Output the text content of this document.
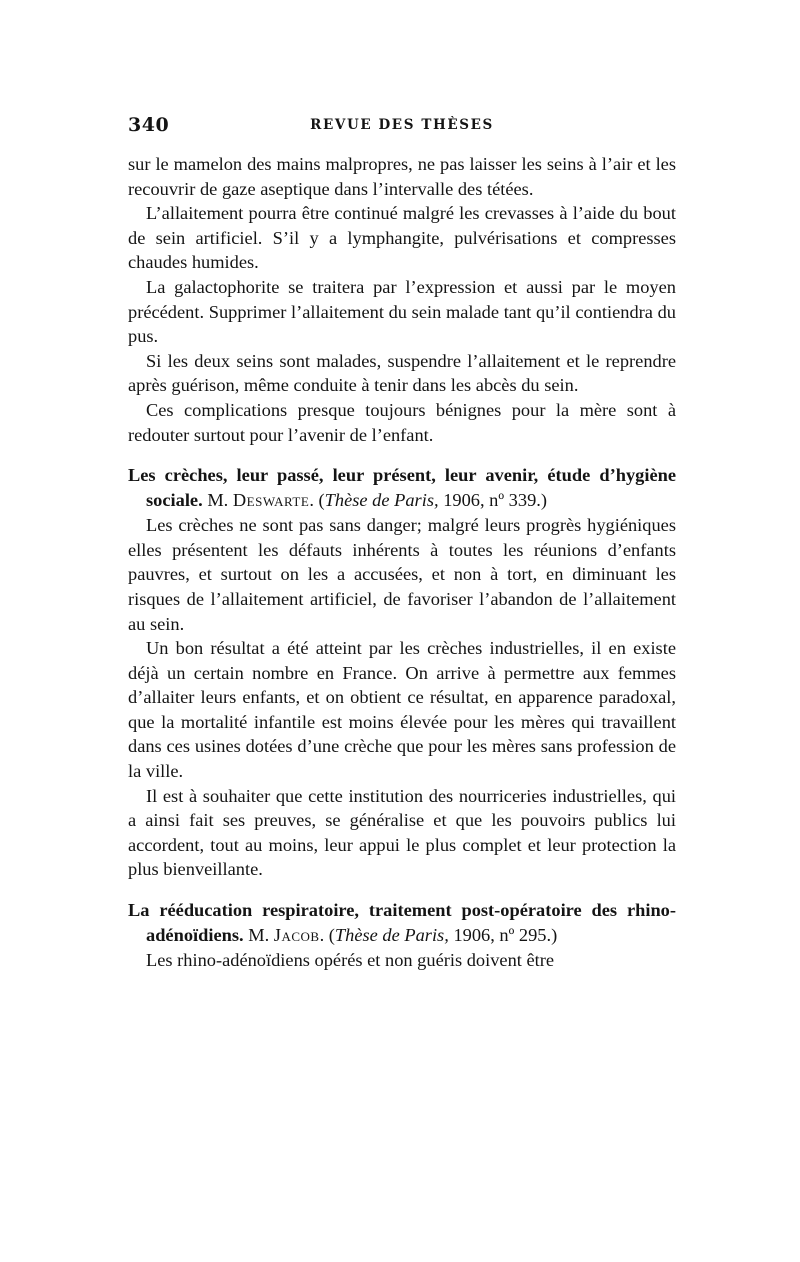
340	REVUE DES THÈSES

sur le mamelon des mains malpropres, ne pas laisser les seins à l’air et les recouvrir de gaze aseptique dans l’intervalle des tétées.

L’allaitement pourra être continué malgré les crevasses à l’aide du bout de sein artificiel. S’il y a lymphangite, pulvérisations et compresses chaudes humides.

La galactophorite se traitera par l’expression et aussi par le moyen précédent. Supprimer l’allaitement du sein malade tant qu’il contiendra du pus.

Si les deux seins sont malades, suspendre l’allaitement et le reprendre après guérison, même conduite à tenir dans les abcès du sein.

Ces complications presque toujours bénignes pour la mère sont à redouter surtout pour l’avenir de l’enfant.

Les crèches, leur passé, leur présent, leur avenir, étude d’hygiène sociale. M. Deswarte. (Thèse de Paris, 1906, nº 339.)

Les crèches ne sont pas sans danger; malgré leurs progrès hygiéniques elles présentent les défauts inhérents à toutes les réunions d’enfants pauvres, et surtout on les a accusées, et non à tort, en diminuant les risques de l’allaitement artificiel, de favoriser l’abandon de l’allaitement au sein.

Un bon résultat a été atteint par les crèches industrielles, il en existe déjà un certain nombre en France. On arrive à permettre aux femmes d’allaiter leurs enfants, et on obtient ce résultat, en apparence paradoxal, que la mortalité infantile est moins élevée pour les mères qui travaillent dans ces usines dotées d’une crèche que pour les mères sans profession de la ville.

Il est à souhaiter que cette institution des nourriceries industrielles, qui a ainsi fait ses preuves, se généralise et que les pouvoirs publics lui accordent, tout au moins, leur appui le plus complet et leur protection la plus bienveillante.

La rééducation respiratoire, traitement post-opératoire des rhino-adénoïdiens. M. Jacob. (Thèse de Paris, 1906, nº 295.)

Les rhino-adénoïdiens opérés et non guéris doivent être
